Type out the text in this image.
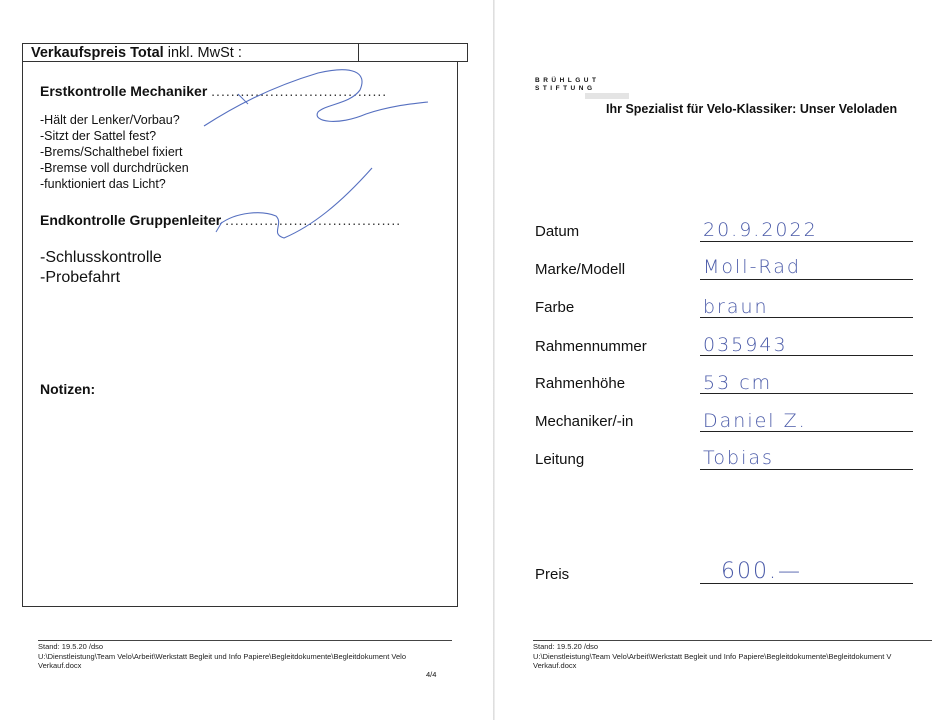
Verkaufspreis Total inkl. MwSt :
Erstkontrolle Mechaniker ....................................
-Hält der Lenker/Vorbau?
-Sitzt der Sattel fest?
-Brems/Schalthebel fixiert
-Bremse voll durchdrücken
-funktioniert das Licht?
Endkontrolle Gruppenleiter ....................................
-Schlusskontrolle
-Probefahrt
Notizen:
Stand: 19.5.20 /dso
U:\Dienstleistung\Team Velo\Arbeit\Werkstatt Begleit und Info Papiere\Begleitdokumente\Begleitdokument Velo
Verkauf.docx
4/4
BRÜHLGUT
STIFTUNG
Ihr Spezialist für Velo-Klassiker: Unser Veloladen
Datum	20.9.2022
Marke/Modell	Moll-Rad
Farbe	braun
Rahmennummer	035943
Rahmenhöhe	53 cm
Mechaniker/-in	Daniel Z.
Leitung	Tobias
Preis	600.—
Stand: 19.5.20 /dso
U:\Dienstleistung\Team Velo\Arbeit\Werkstatt Begleit und Info Papiere\Begleitdokumente\Begleitdokument V
Verkauf.docx
